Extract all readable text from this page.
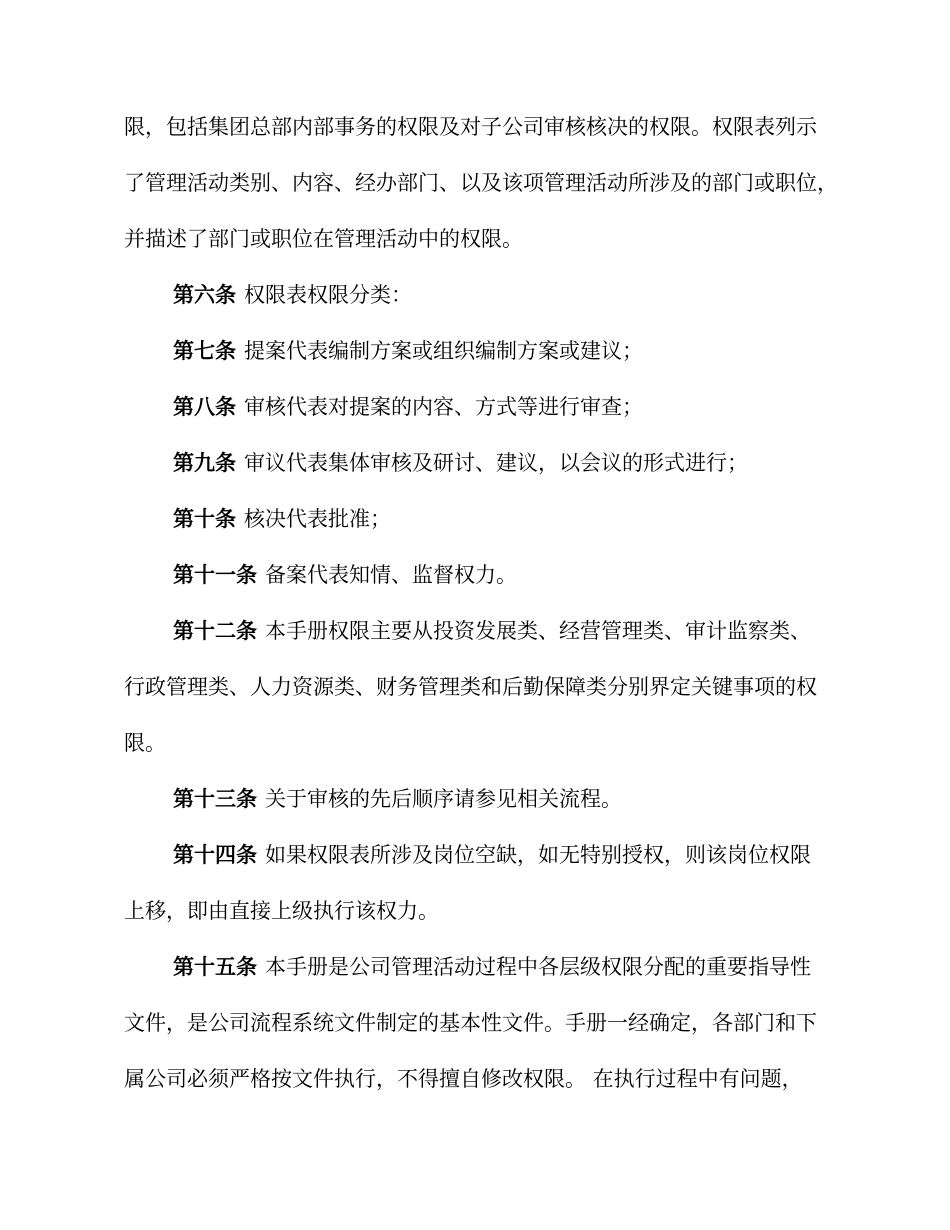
限，包括集团总部内部事务的权限及对子公司审核核决的权限。权限表列示
了管理活动类别、内容、经办部门、以及该项管理活动所涉及的部门或职位，
并描述了部门或职位在管理活动中的权限。
第六条 权限表权限分类：
第七条 提案代表编制方案或组织编制方案或建议；
第八条 审核代表对提案的内容、方式等进行审查；
第九条 审议代表集体审核及研讨、建议，以会议的形式进行；
第十条 核决代表批准；
第十一条 备案代表知情、监督权力。
第十二条 本手册权限主要从投资发展类、经营管理类、审计监察类、
行政管理类、人力资源类、财务管理类和后勤保障类分别界定关键事项的权
限。
第十三条 关于审核的先后顺序请参见相关流程。
第十四条 如果权限表所涉及岗位空缺，如无特别授权，则该岗位权限
上移，即由直接上级执行该权力。
第十五条 本手册是公司管理活动过程中各层级权限分配的重要指导性
文件，是公司流程系统文件制定的基本性文件。手册一经确定，各部门和下
属公司必须严格按文件执行，不得擅自修改权限。 在执行过程中有问题，
